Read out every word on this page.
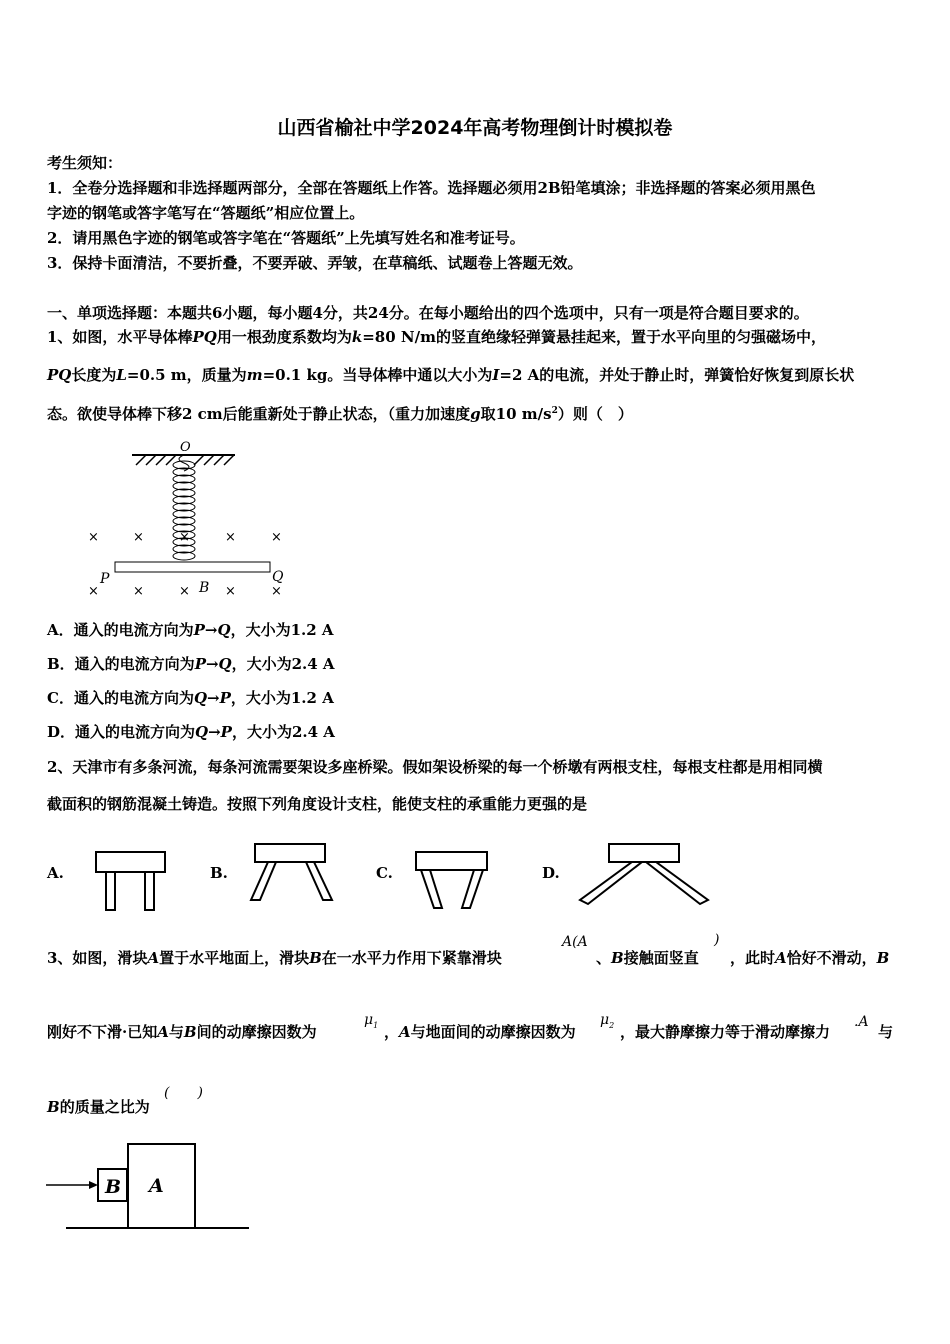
山西省榆社中学2024年高考物理倒计时模拟卷
考生须知：
1．全卷分选择题和非选择题两部分，全部在答题纸上作答。选择题必须用2B铅笔填涂；非选择题的答案必须用黑色
字迹的钢笔或答字笔写在“答题纸”相应位置上。
2．请用黑色字迹的钢笔或答字笔在“答题纸”上先填写姓名和准考证号。
3．保持卡面清洁，不要折叠，不要弄破、弄皱，在草稿纸、试题卷上答题无效。
一、单项选择题：本题共6小题，每小题4分，共24分。在每小题给出的四个选项中，只有一项是符合题目要求的。
1、如图，水平导体棒PQ用一根劲度系数均为k=80 N/m的竖直绝缘轻弹簧悬挂起来，置于水平向里的匀强磁场中，
PQ长度为L=0.5 m，质量为m=0.1 kg。当导体棒中通以大小为I=2 A的电流，并处于静止时，弹簧恰好恢复到原长状
态。欲使导体棒下移2 cm后能重新处于静止状态，（重力加速度g取10 $m/s^2$）则（　）
×	×	×	×	×
×	×	×	×	×
P	Q
B
O
A．通入的电流方向为P→Q，大小为1.2 A
B．通入的电流方向为P→Q，大小为2.4 A
C．通入的电流方向为Q→P，大小为1.2 A
D．通入的电流方向为Q→P，大小为2.4 A
2、天津市有多条河流，每条河流需要架设多座桥梁。假如架设桥梁的每一个桥墩有两根支柱，每根支柱都是用相同横
截面积的钢筋混凝土铸造。按照下列角度设计支柱，能使支柱的承重能力更强的是
A.	B.	C.	D.
3、如图，滑块A置于水平地面上，滑块B在一水平力作用下紧靠滑块
A(A
、B接触面竖直
)
，此时A恰好不滑动，B
刚好不下滑·已知A与B间的动摩擦因数为
$\mu_1$ ，A与地面间的动摩擦因数为
$\mu_2$ ，最大静摩擦力等于滑动摩擦力
.A
与
B的质量之比为
(　　)
B A
